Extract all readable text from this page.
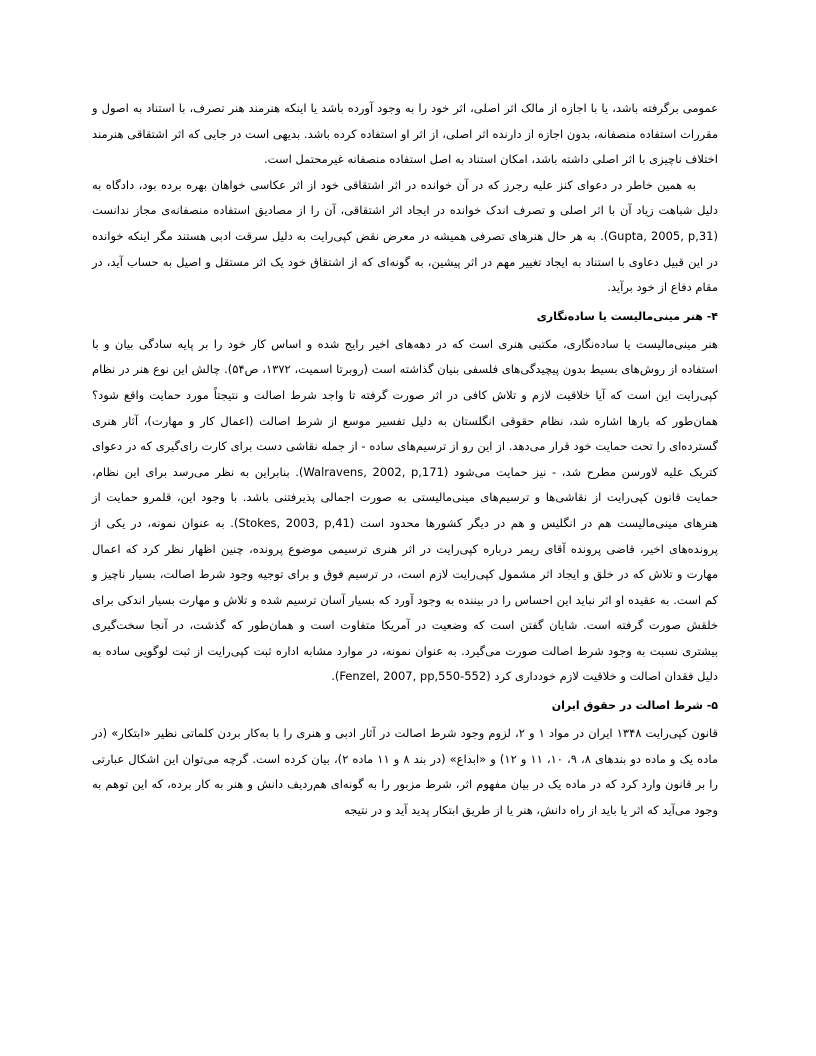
عمومی برگرفته باشد، یا با اجازه از مالک اثر اصلی، اثر خود را به وجود آورده باشد یا اینکه هنرمند هنر تصرف، با استناد به اصول و مقررات استفاده منصفانه، بدون اجازه از دارنده اثر اصلی، از اثر او استفاده کرده باشد. بدیهی است در جایی که اثر اشتقاقی هنرمند اختلاف ناچیزی با اثر اصلی داشته باشد، امکان استناد به اصل استفاده منصفانه غیرمحتمل است.

به همین خاطر در دعوای کنز علیه رجرز که در آن خوانده در اثر اشتقاقی خود از اثر عکاسی خواهان بهره برده بود، دادگاه به دلیل شباهت زیاد آن با اثر اصلی و تصرف اندک خوانده در ایجاد اثر اشتقاقی، آن را از مصادیق استفاده منصفانه‌ی مجاز ندانست (Gupta, 2005, p,31). به هر حال هنرهای تصرفی همیشه در معرض نقض کپی‌رایت به دلیل سرقت ادبی هستند مگر اینکه خوانده در این قبیل دعاوی با استناد به ایجاد تغییر مهم در اثر پیشین، به گونه‌ای که از اشتقاق خود یک اثر مستقل و اصیل به حساب آید، در مقام دفاع از خود برآید.

۴- هنر مینی‌مالیست یا ساده‌نگاری

هنر مینی‌مالیست یا ساده‌نگاری، مکتبی هنری است که در دهه‌های اخیر رایج شده و اساس کار خود را بر پایه سادگی بیان و با استفاده از روش‌های بسیط بدون پیچیدگی‌های فلسفی بنیان گذاشته است (روبرتا اسمیت، ۱۳۷۲، ص۵۴). چالش این نوع هنر در نظام کپی‌رایت این است که آیا خلاقیت لازم و تلاش کافی در اثر صورت گرفته تا واجد شرط اصالت و نتیجتاً مورد حمایت واقع شود؟ همان‌طور که بارها اشاره شد، نظام حقوقی انگلستان به دلیل تفسیر موسع از شرط اصالت (اعمال کار و مهارت)، آثار هنری گسترده‌ای را تحت حمایت خود قرار می‌دهد. از این رو از ترسیم‌های ساده - از جمله نقاشی دست برای کارت رای‌گیری که در دعوای کتریک علیه لاورسن مطرح شد، - نیز حمایت می‌شود (Walravens, 2002, p,171). بنابراین به نظر می‌رسد برای این نظام، حمایت قانون کپی‌رایت از نقاشی‌ها و ترسیم‌های مینی‌مالیستی به صورت اجمالی پذیرفتنی باشد. با وجود این، قلمرو حمایت از هنرهای مینی‌مالیست هم در انگلیس و هم در دیگر کشورها محدود است (Stokes, 2003, p,41). به عنوان نمونه، در یکی از پرونده‌های اخیر، قاضی پرونده آقای ریمر درباره کپی‌رایت در اثر هنری ترسیمی موضوع پرونده، چنین اظهار نظر کرد که اعمال مهارت و تلاش که در خلق و ایجاد اثر مشمول کپی‌رایت لازم است، در ترسیم فوق و برای توجیه وجود شرط اصالت، بسیار ناچیز و کم است. به عقیده او اثر نباید این احساس را در بیننده به وجود آورد که بسیار آسان ترسیم شده و تلاش و مهارت بسیار اندکی برای خلقش صورت گرفته است. شایان گفتن است که وضعیت در آمریکا متفاوت است و همان‌طور که گذشت، در آنجا سخت‌گیری بیشتری نسبت به وجود شرط اصالت صورت می‌گیرد. به عنوان نمونه، در موارد مشابه اداره ثبت کپی‌رایت از ثبت لوگویی ساده به دلیل فقدان اصالت و خلاقیت لازم خودداری کرد (Fenzel, 2007, pp,550-552).

۵- شرط اصالت در حقوق ایران

قانون کپی‌رایت ۱۳۴۸ ایران در مواد ۱ و ۲، لزوم وجود شرط اصالت در آثار ادبی و هنری را با به‌کار بردن کلماتی نظیر «ابتکار» (در ماده یک و ماده دو بندهای ۸، ۹، ۱۰، ۱۱ و ۱۲) و «ابداع» (در بند ۸ و ۱۱ ماده ۲)، بیان کرده است. گرچه می‌توان این اشکال عبارتی را بر قانون وارد کرد که در ماده یک در بیان مفهوم اثر، شرط مزبور را به گونه‌ای هم‌ردیف دانش و هنر به کار برده، که این توهم به وجود می‌آید که اثر یا باید از راه دانش، هنر یا از طریق ابتکار پدید آید و در نتیجه
